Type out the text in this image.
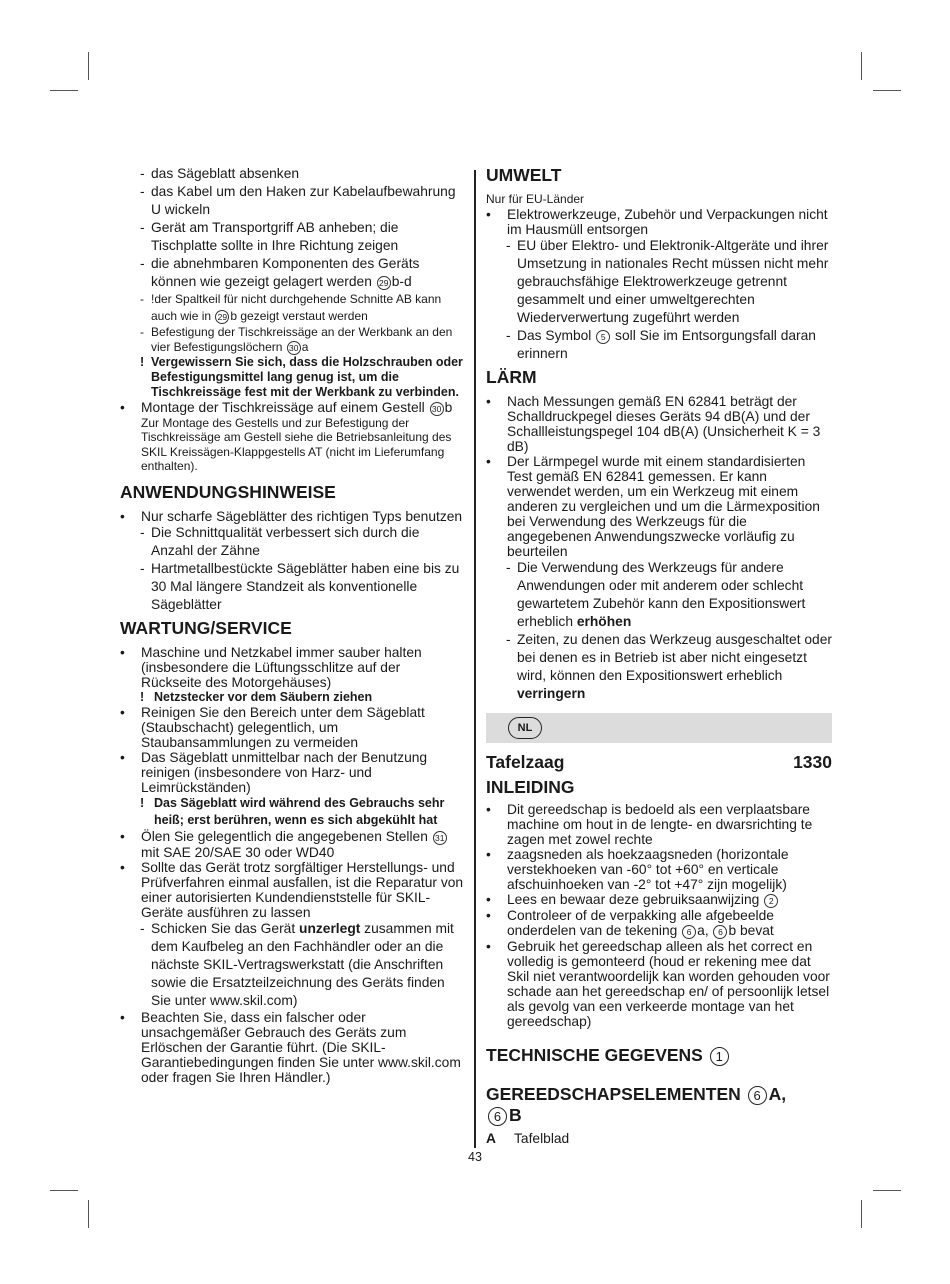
- das Sägeblatt absenken
- das Kabel um den Haken zur Kabelaufbewahrung U wickeln
- Gerät am Transportgriff AB anheben; die Tischplatte sollte in Ihre Richtung zeigen
- die abnehmbaren Komponenten des Geräts können wie gezeigt gelagert werden 29 b-d
- !der Spaltkeil für nicht durchgehende Schnitte AB kann auch wie in 29 b gezeigt verstaut werden
- Befestigung der Tischkreissäge an der Werkbank an den vier Befestigungslöchern 30 a
! Vergewissern Sie sich, dass die Holzschrauben oder Befestigungsmittel lang genug ist, um die Tischkreissäge fest mit der Werkbank zu verbinden.
• Montage der Tischkreissäge auf einem Gestell 30 b
Zur Montage des Gestells und zur Befestigung der Tischkreissäge am Gestell siehe die Betriebsanleitung des SKIL Kreissägen-Klappgestells AT (nicht im Lieferumfang enthalten).
ANWENDUNGSHINWEISE
• Nur scharfe Sägeblätter des richtigen Typs benutzen
- Die Schnittqualität verbessert sich durch die Anzahl der Zähne
- Hartmetallbestückte Sägeblätter haben eine bis zu 30 Mal längere Standzeit als konventionelle Sägeblätter
WARTUNG/SERVICE
• Maschine und Netzkabel immer sauber halten (insbesondere die Lüftungsschlitze auf der Rückseite des Motorgehäuses)
! Netzstecker vor dem Säubern ziehen
• Reinigen Sie den Bereich unter dem Sägeblatt (Staubschacht) gelegentlich, um Staubansammlungen zu vermeiden
• Das Sägeblatt unmittelbar nach der Benutzung reinigen (insbesondere von Harz- und Leimrückständen)
! Das Sägeblatt wird während des Gebrauchs sehr heiß; erst berühren, wenn es sich abgekühlt hat
• Ölen Sie gelegentlich die angegebenen Stellen 31 mit SAE 20/SAE 30 oder WD40
• Sollte das Gerät trotz sorgfältiger Herstellungs- und Prüfverfahren einmal ausfallen, ist die Reparatur von einer autorisierten Kundendienststelle für SKIL-Geräte ausführen zu lassen
- Schicken Sie das Gerät unzerlegt zusammen mit dem Kaufbeleg an den Fachhändler oder an die nächste SKIL-Vertragswerkstatt (die Anschriften sowie die Ersatzteilzeichnung des Geräts finden Sie unter www.skil.com)
• Beachten Sie, dass ein falscher oder unsachgemäßer Gebrauch des Geräts zum Erlöschen der Garantie führt. (Die SKIL-Garantiebedingungen finden Sie unter www.skil.com oder fragen Sie Ihren Händler.)
UMWELT
Nur für EU-Länder
• Elektrowerkzeuge, Zubehör und Verpackungen nicht im Hausmüll entsorgen
- EU über Elektro- und Elektronik-Altgeräte und ihrer Umsetzung in nationales Recht müssen nicht mehr gebrauchsfähige Elektrowerkzeuge getrennt gesammelt und einer umweltgerechten Wiederverwertung zugeführt werden
- Das Symbol 5 soll Sie im Entsorgungsfall daran erinnern
LÄRM
• Nach Messungen gemäß EN 62841 beträgt der Schalldruckpegel dieses Geräts 94 dB(A) und der Schallleistungspegel 104 dB(A) (Unsicherheit K = 3 dB)
• Der Lärmpegel wurde mit einem standardisierten Test gemäß EN 62841 gemessen. Er kann verwendet werden, um ein Werkzeug mit einem anderen zu vergleichen und um die Lärmexposition bei Verwendung des Werkzeugs für die angegebenen Anwendungszwecke vorläufig zu beurteilen
- Die Verwendung des Werkzeugs für andere Anwendungen oder mit anderem oder schlecht gewartetem Zubehör kann den Expositionswert erheblich erhöhen
- Zeiten, zu denen das Werkzeug ausgeschaltet oder bei denen es in Betrieb ist aber nicht eingesetzt wird, können den Expositionswert erheblich verringern
NL
Tafelzaag	1330
INLEIDING
• Dit gereedschap is bedoeld als een verplaatsbare machine om hout in de lengte- en dwarsrichting te zagen met zowel rechte
• zaagsneden als hoekzaagsneden (horizontale verstekhoeken van -60° tot +60° en verticale afschuinhoeken van -2° tot +47° zijn mogelijk)
• Lees en bewaar deze gebruiksaanwijzing 2
• Controleer of de verpakking alle afgebeelde onderdelen van de tekening 6 a, 6 b bevat
• Gebruik het gereedschap alleen als het correct en volledig is gemonteerd (houd er rekening mee dat Skil niet verantwoordelijk kan worden gehouden voor schade aan het gereedschap en/ of persoonlijk letsel als gevolg van een verkeerde montage van het gereedschap)
TECHNISCHE GEGEVENS 1
GEREEDSCHAPSELEMENTEN 6 A,
6 B
A	Tafelblad
43
